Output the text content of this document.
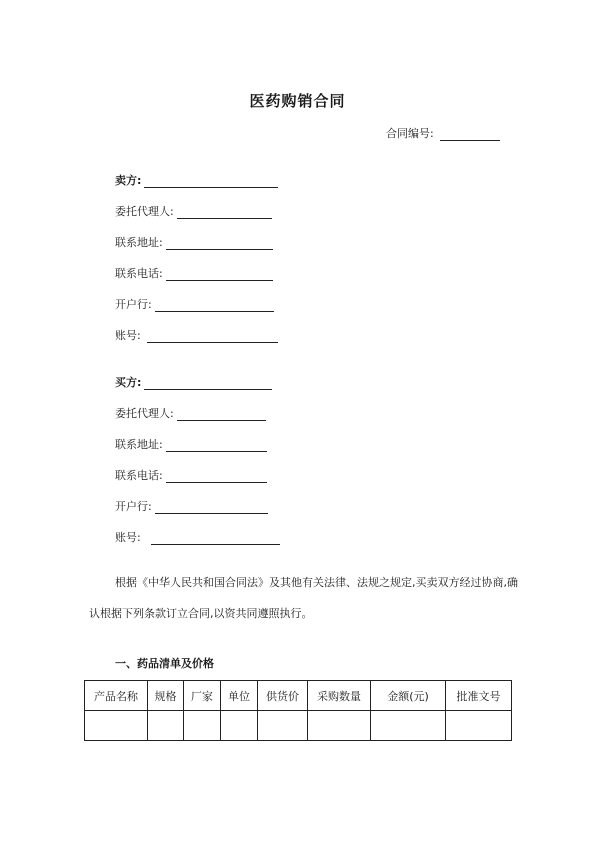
医药购销合同
合同编号:
卖方:
委托代理人:
联系地址:
联系电话:
开户行:
账号:
买方:
委托代理人:
联系地址:
联系电话:
开户行:
账号:
根据《中华人民共和国合同法》及其他有关法律、法规之规定,买卖双方经过协商,确认根据下列条款订立合同,以资共同遵照执行。
一、药品清单及价格
产品名称	规格	厂家	单位	供货价	采购数量	金额(元)	批准文号
